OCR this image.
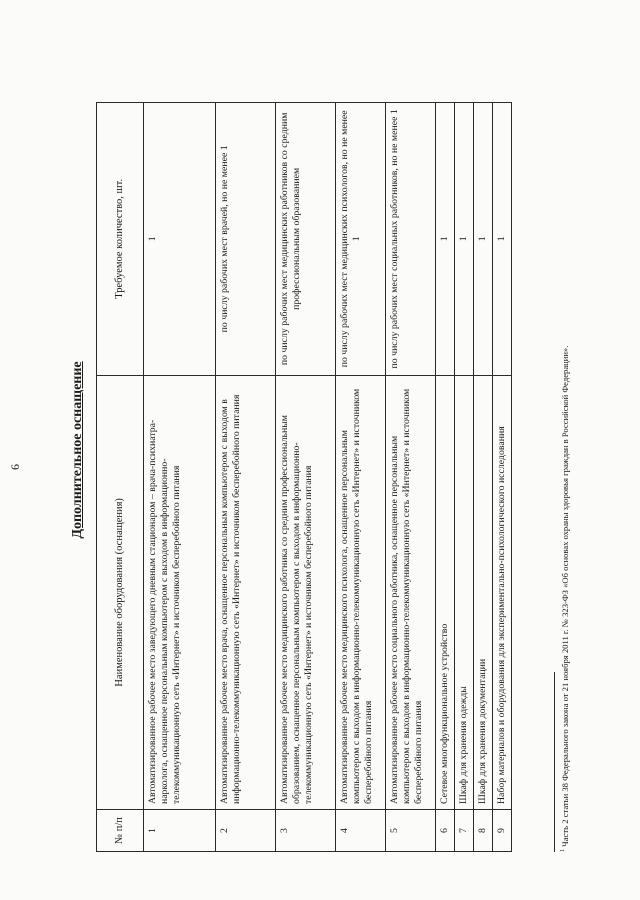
6	Дополнительное оснащение
№ п/п	Наименование оборудования (оснащения)	Требуемое количество, шт.
1	Автоматизированное рабочее место заведующего дневным стационаром – врача-психиатра-нарколога, оснащенное персональным компьютером с выходом в информационно-телекоммуникационную сеть «Интернет» и источником бесперебойного питания	1
2	Автоматизированное рабочее место врача, оснащенное персональным компьютером с выходом в информационно-телекоммуникационную сеть «Интернет» и источником бесперебойного питания	по числу рабочих мест врачей, но не менее 1
3	Автоматизированное рабочее место медицинского работника со средним профессиональным образованием, оснащенное персональным компьютером с выходом в информационно-телекоммуникационную сеть «Интернет» и источником бесперебойного питания	по числу рабочих мест медицинских работников со средним профессиональным образованием
4	Автоматизированное рабочее место медицинского психолога, оснащенное персональным компьютером с выходом в информационно-телекоммуникационную сеть «Интернет» и источником бесперебойного питания	по числу рабочих мест медицинских психологов, но не менее 1
5	Автоматизированное рабочее место социального работника, оснащенное персональным компьютером с выходом в информационно-телекоммуникационную сеть «Интернет» и источником бесперебойного питания	по числу рабочих мест социальных работников, но не менее 1
6	Сетевое многофункциональное устройство	1
7	Шкаф для хранения одежды	1
8	Шкаф для хранения документации	1
9	Набор материалов и оборудования для экспериментально-психологического исследования	1
$^1$ Часть 2 статьи 38 Федерального закона от 21 ноября 2011 г. № 323-ФЗ «Об основах охраны здоровья граждан в Российской Федерации».
